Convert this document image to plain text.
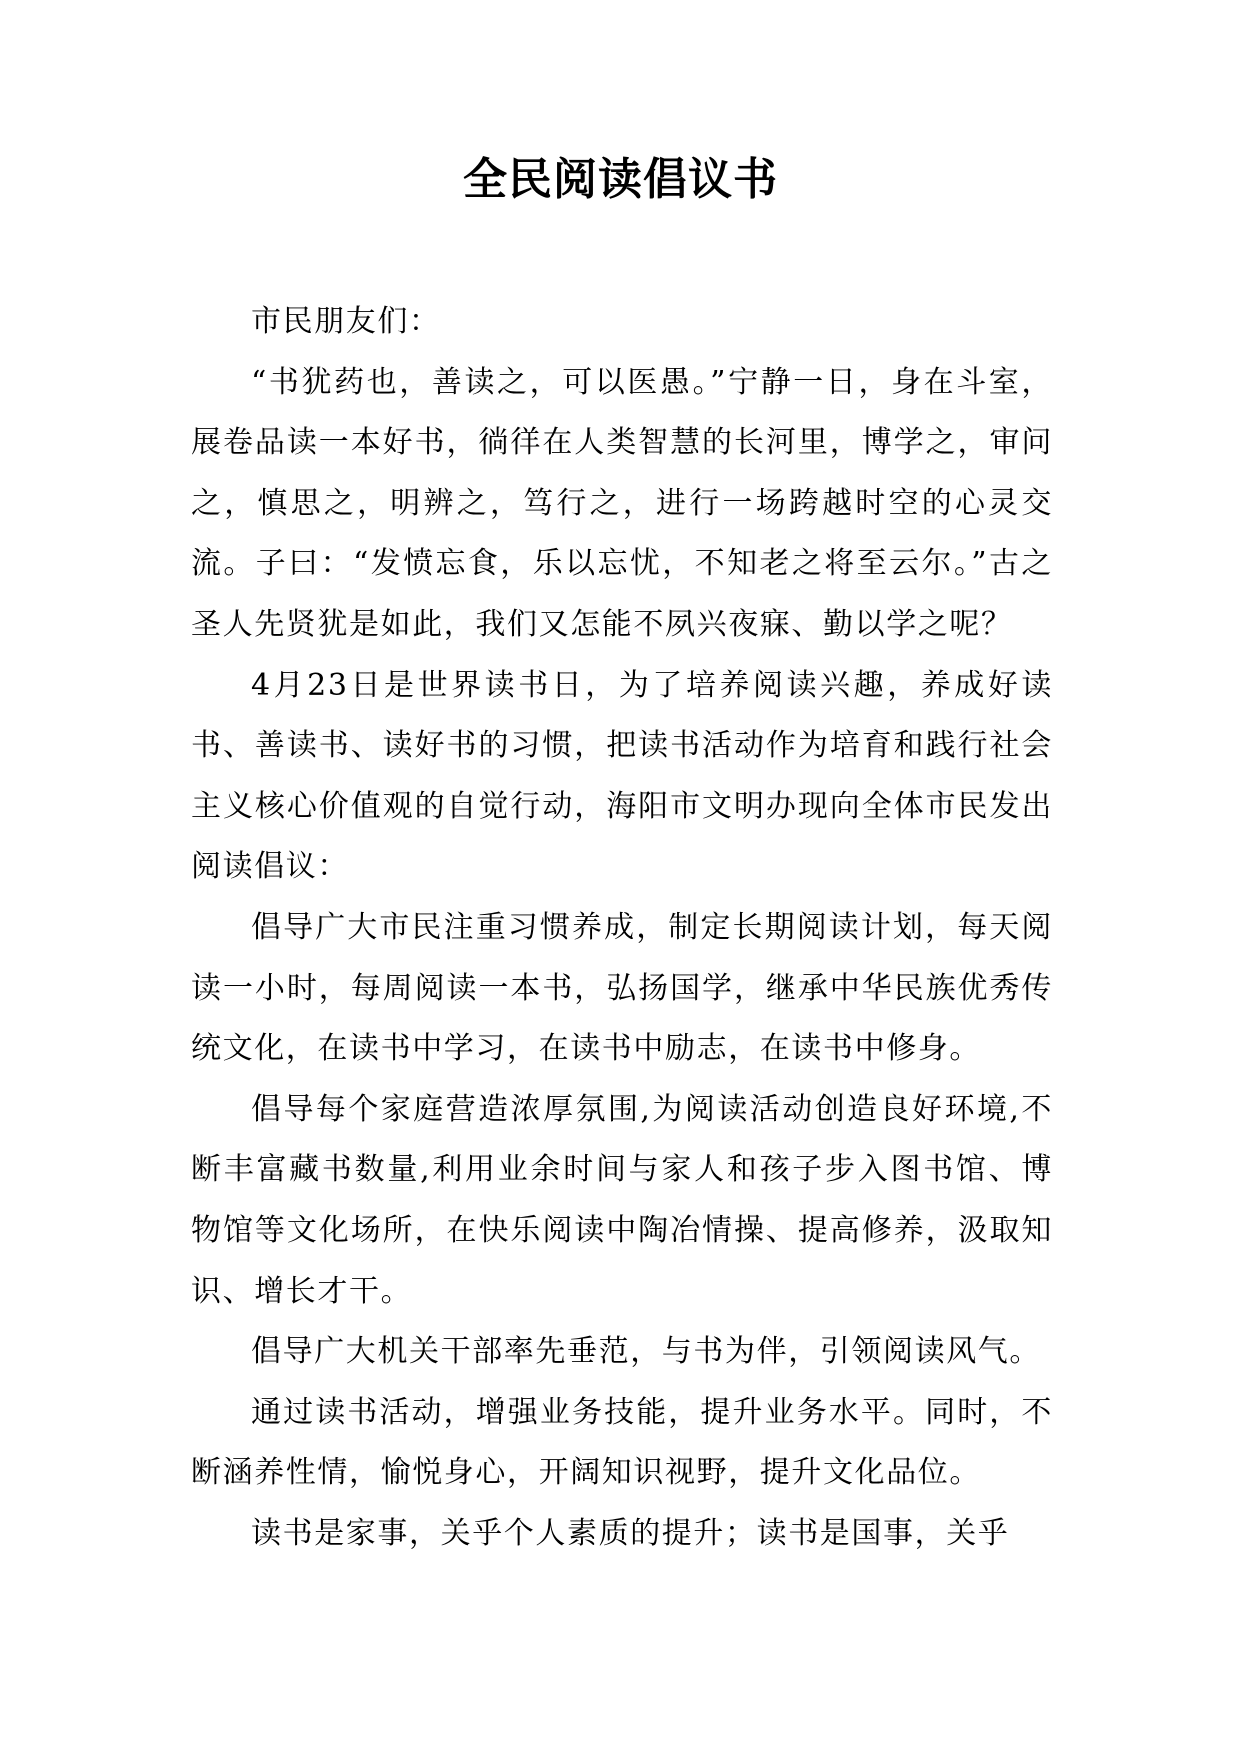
全民阅读倡议书

市民朋友们：

“书犹药也，善读之，可以医愚。”宁静一日，身在斗室，展卷品读一本好书，徜徉在人类智慧的长河里，博学之，审问之，慎思之，明辨之，笃行之，进行一场跨越时空的心灵交流。子曰：“发愤忘食，乐以忘忧，不知老之将至云尔。”古之圣人先贤犹是如此，我们又怎能不夙兴夜寐、勤以学之呢？

4月23日是世界读书日，为了培养阅读兴趣，养成好读书、善读书、读好书的习惯，把读书活动作为培育和践行社会主义核心价值观的自觉行动，海阳市文明办现向全体市民发出阅读倡议：

倡导广大市民注重习惯养成，制定长期阅读计划，每天阅读一小时，每周阅读一本书，弘扬国学，继承中华民族优秀传统文化，在读书中学习，在读书中励志，在读书中修身。

倡导每个家庭营造浓厚氛围,为阅读活动创造良好环境,不断丰富藏书数量,利用业余时间与家人和孩子步入图书馆、博物馆等文化场所，在快乐阅读中陶冶情操、提高修养，汲取知识、增长才干。

倡导广大机关干部率先垂范，与书为伴，引领阅读风气。

通过读书活动，增强业务技能，提升业务水平。同时，不断涵养性情，愉悦身心，开阔知识视野，提升文化品位。

读书是家事，关乎个人素质的提升；读书是国事，关乎
